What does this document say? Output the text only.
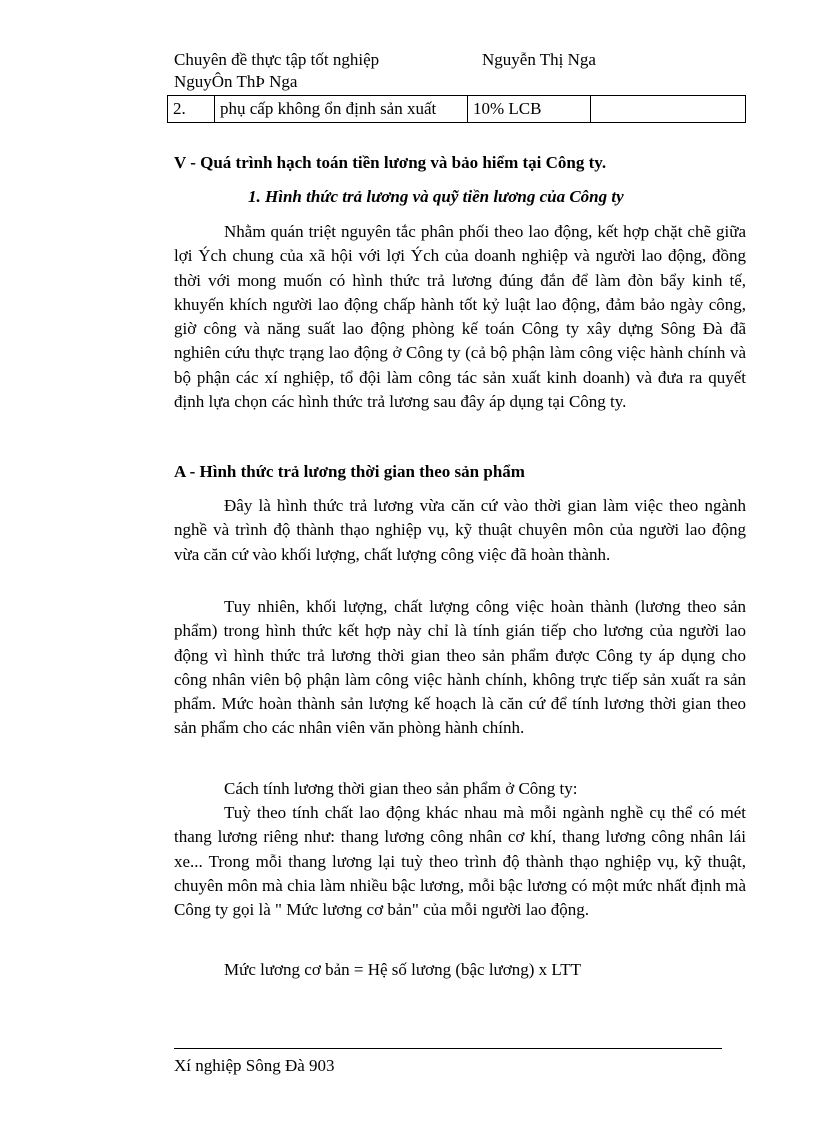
Chuyên đề thực tập tốt nghiệp	Nguyễn Thị Nga
NguyÔn ThÞ Nga
2.	phụ cấp không ổn định sản xuất	10% LCB	
V - Quá trình hạch toán tiền lương và bảo hiểm tại Công ty.
1. Hình thức trả lương và quỹ tiền lương của Công ty

Nhằm quán triệt nguyên tắc phân phối theo lao động, kết hợp chặt chẽ giữa lợi Ých chung của xã hội với lợi Ých của doanh nghiệp và người lao động, đồng thời với mong muốn có hình thức trả lương đúng đắn để làm đòn bẩy kinh tế, khuyến khích người lao động chấp hành tốt kỷ luật lao động, đảm bảo ngày công, giờ công và năng suất lao động phòng kế toán Công ty xây dựng Sông Đà đã nghiên cứu thực trạng lao động ở Công ty (cả bộ phận làm công việc hành chính và bộ phận các xí nghiệp, tổ đội làm công tác sản xuất kinh doanh) và đưa ra quyết định lựa chọn các hình thức trả lương sau đây áp dụng tại Công ty.

A - Hình thức trả lương thời gian theo sản phẩm

Đây là hình thức trả lương vừa căn cứ vào thời gian làm việc theo ngành nghề và trình độ thành thạo nghiệp vụ, kỹ thuật chuyên môn của người lao động vừa căn cứ vào khối lượng, chất lượng công việc đã hoàn thành.

Tuy nhiên, khối lượng, chất lượng công việc hoàn thành (lương theo sản phẩm) trong hình thức kết hợp này chỉ là tính gián tiếp cho lương của người lao động vì hình thức trả lương thời gian theo sản phẩm được Công ty áp dụng cho công nhân viên bộ phận làm công việc hành chính, không trực tiếp sản xuất ra sản phẩm. Mức hoàn thành sản lượng kế hoạch là căn cứ để tính lương thời gian theo sản phẩm cho các nhân viên văn phòng hành chính.

Cách tính lương thời gian theo sản phẩm ở Công ty:

Tuỳ theo tính chất lao động khác nhau mà mỗi ngành nghề cụ thể có mét thang lương riêng như: thang lương công nhân cơ khí, thang lương công nhân lái xe... Trong mỗi thang lương lại tuỳ theo trình độ thành thạo nghiệp vụ, kỹ thuật, chuyên môn mà chia làm nhiều bậc lương, mỗi bậc lương có một mức nhất định mà Công ty gọi là " Mức lương cơ bản" của mỗi người lao động.

Mức lương cơ bản = Hệ số lương (bậc lương) x LTT

Xí nghiệp Sông Đà 903
